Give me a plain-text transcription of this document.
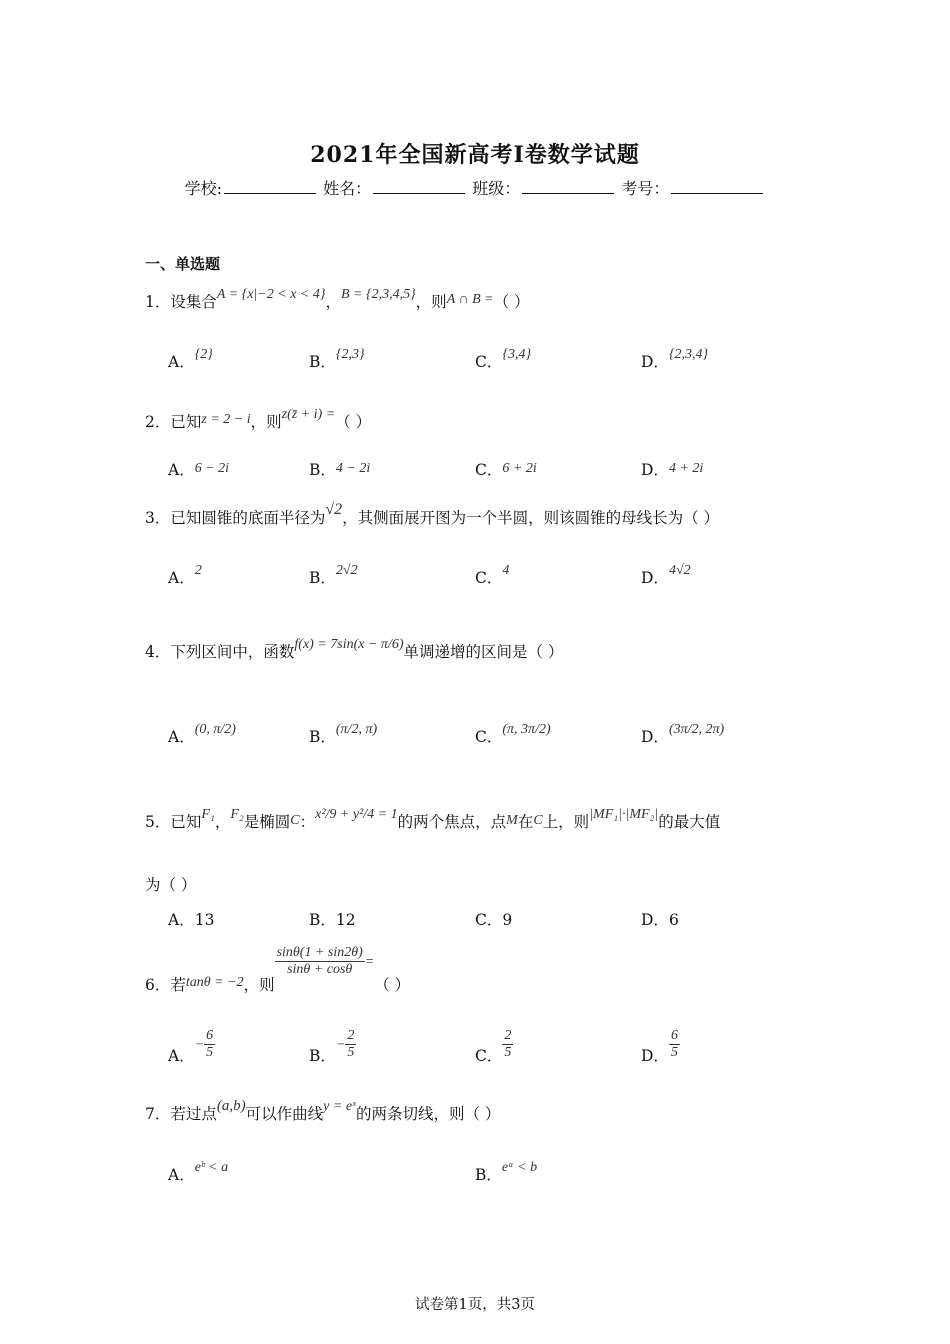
2021年全国新高考I卷数学试题
学校:	姓名：	班级：	考号：
一、单选题
1．设集合A = {x|−2 < x < 4}，B = {2,3,4,5}，则A ∩ B =（ ）
A．{2}	B．{2,3}	C．{3,4}	D．{2,3,4}
2．已知z = 2 − i，则z(z̄ + i) =（ ）
A．6 − 2i	B．4 − 2i	C．6 + 2i	D．4 + 2i
3．已知圆锥的底面半径为√2，其侧面展开图为一个半圆，则该圆锥的母线长为（ ）
A．2	B．2√2	C．4	D．4√2
4．下列区间中，函数f(x) = 7sin(x − π/6)单调递增的区间是（ ）
A．(0, π/2)	B．(π/2, π)	C．(π, 3π/2)	D．(3π/2, 2π)
5．已知F₁，F₂是椭圆C：x²/9 + y²/4 = 1的两个焦点，点M在C上，则|MF₁|·|MF₂|的最大值
为（ ）
A．13	B．12	C．9	D．6
6．若tanθ = −2，则
$\frac{\sin\theta(1 + \sin 2\theta)}{\sin\theta + \cos\theta}$ =（ ）
A．− $\frac{6}{5}$	B．− $\frac{2}{5}$	C． $\frac{2}{5}$	D． $\frac{6}{5}$
7．若过点(a,b)可以作曲线y = eˣ的两条切线，则（ ）
A．eᵇ < a	B．eᵃ < b
试卷第1页，共3页
